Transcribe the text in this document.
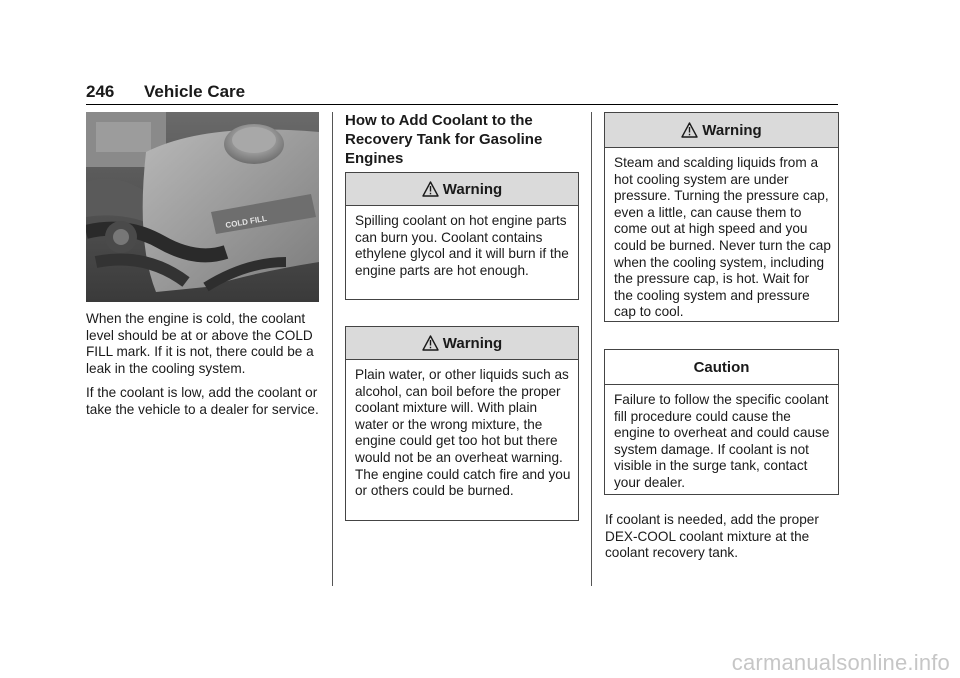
246 Vehicle Care
COLD FILL

When the engine is cold, the coolant level should be at or above the COLD FILL mark. If it is not, there could be a leak in the cooling system.

If the coolant is low, add the coolant or take the vehicle to a dealer for service.

How to Add Coolant to the Recovery Tank for Gasoline Engines
Warning
Spilling coolant on hot engine parts can burn you. Coolant contains ethylene glycol and it will burn if the engine parts are hot enough.
Warning
Plain water, or other liquids such as alcohol, can boil before the proper coolant mixture will. With plain water or the wrong mixture, the engine could get too hot but there would not be an overheat warning. The engine could catch fire and you or others could be burned.
Warning
Steam and scalding liquids from a hot cooling system are under pressure. Turning the pressure cap, even a little, can cause them to come out at high speed and you could be burned. Never turn the cap when the cooling system, including the pressure cap, is hot. Wait for the cooling system and pressure cap to cool.
Caution
Failure to follow the specific coolant fill procedure could cause the engine to overheat and could cause system damage. If coolant is not visible in the surge tank, contact your dealer.

If coolant is needed, add the proper DEX-COOL coolant mixture at the coolant recovery tank.

carmanualsonline.info
